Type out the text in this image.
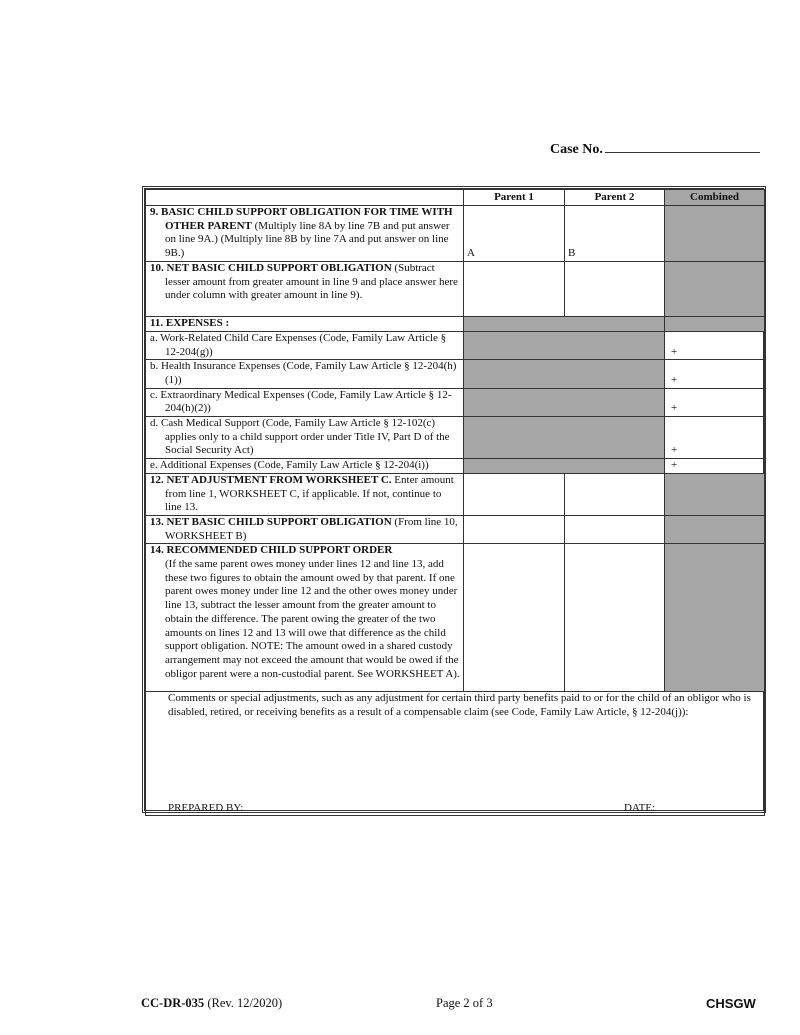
Case No.
	Parent 1	Parent 2	Combined
9. BASIC CHILD SUPPORT OBLIGATION FOR TIME WITH OTHER PARENT (Multiply line 8A by line 7B and put answer on line 9A.) (Multiply line 8B by line 7A and put answer on line 9B.)	A	B	
10. NET BASIC CHILD SUPPORT OBLIGATION (Subtract lesser amount from greater amount in line 9 and place answer here under column with greater amount in line 9).			
11. EXPENSES :			
a. Work-Related Child Care Expenses (Code, Family Law Article § 12-204(g))			+
b. Health Insurance Expenses (Code, Family Law Article § 12-204(h)(1))			+
c. Extraordinary Medical Expenses (Code, Family Law Article § 12-204(h)(2))			+
d. Cash Medical Support (Code, Family Law Article § 12-102(c) applies only to a child support order under Title IV, Part D of the Social Security Act)			+
e. Additional Expenses (Code, Family Law Article § 12-204(i))			+
12. NET ADJUSTMENT FROM WORKSHEET C. Enter amount from line 1, WORKSHEET C, if applicable. If not, continue to line 13.			
13. NET BASIC CHILD SUPPORT OBLIGATION (From line 10, WORKSHEET B)			
14. RECOMMENDED CHILD SUPPORT ORDER
(If the same parent owes money under lines 12 and line 13, add these two figures to obtain the amount owed by that parent. If one parent owes money under line 12 and the other owes money under line 13, subtract the lesser amount from the greater amount to obtain the difference. The parent owing the greater of the two amounts on lines 12 and 13 will owe that difference as the child support obligation. NOTE: The amount owed in a shared custody arrangement may not exceed the amount that would be owed if the obligor parent were a non-custodial parent. See WORKSHEET A).			
Comments or special adjustments, such as any adjustment for certain third party benefits paid to or for the child of an obligor who is disabled, retired, or receiving benefits as a result of a compensable claim (see Code, Family Law Article, § 12-204(j)):
PREPARED BY: DATE:			
CC-DR-035 (Rev. 12/2020)	Page 2 of 3	CHSGW
